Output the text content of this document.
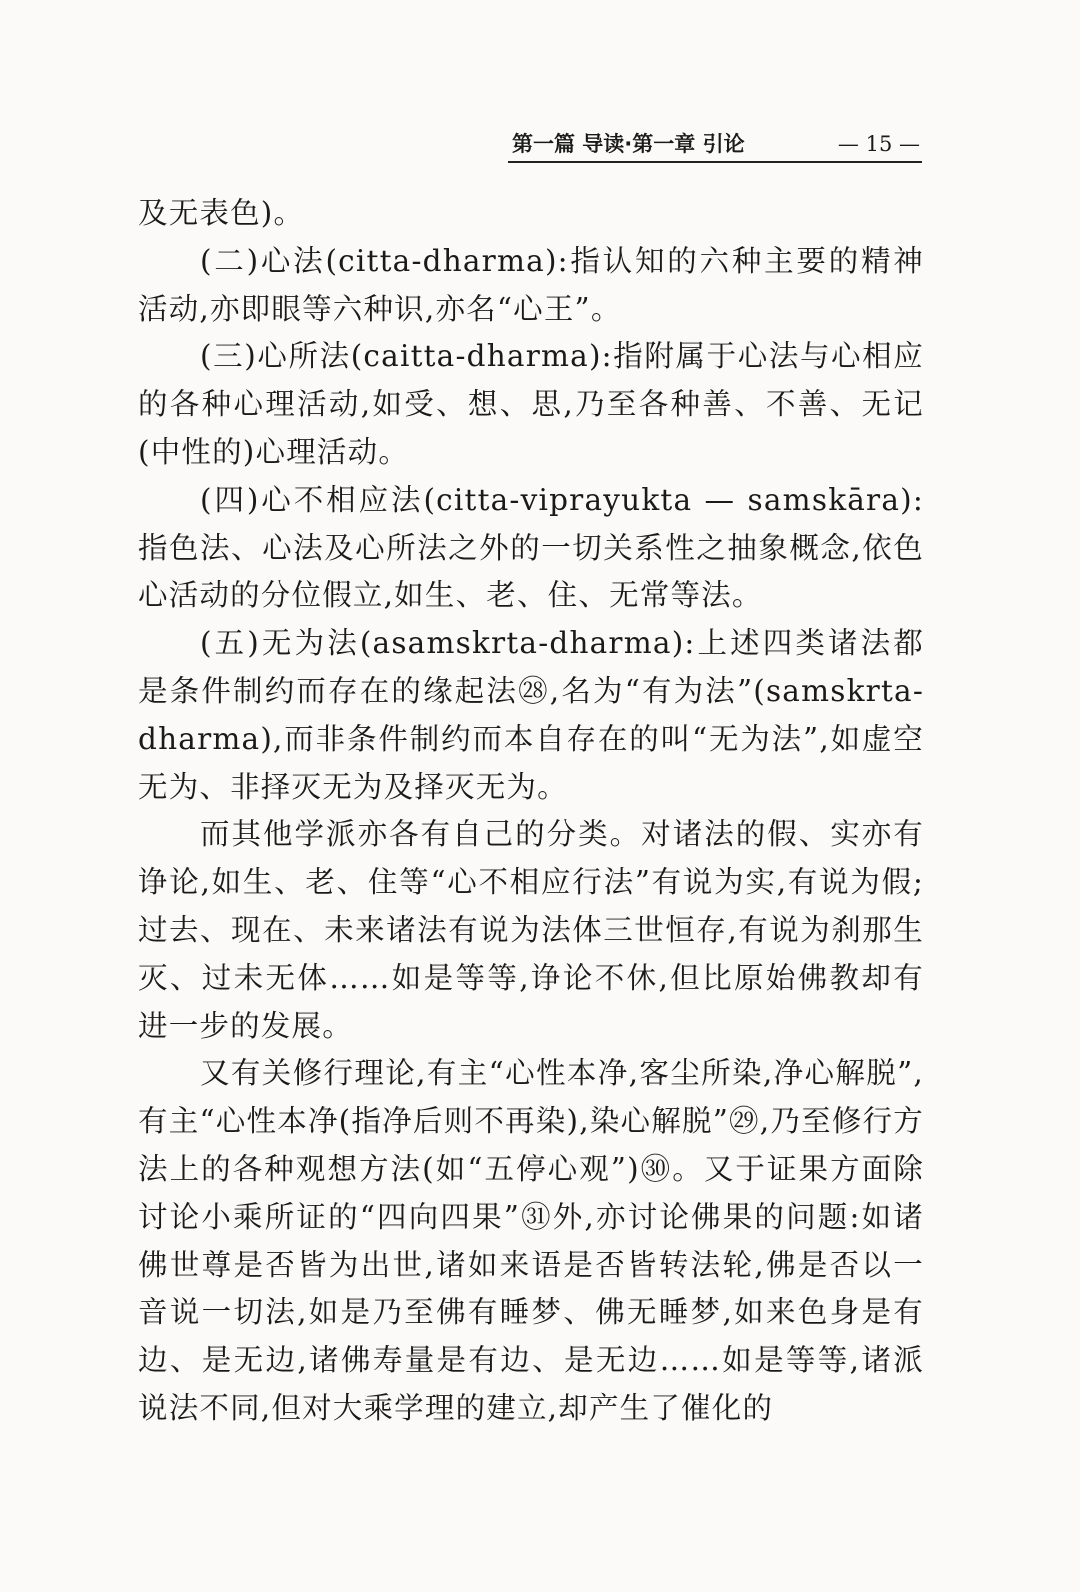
第一篇 导读·第一章 引论	— 15 —

及无表色)。

(二)心法(citta-dharma):指认知的六种主要的精神活动,亦即眼等六种识,亦名“心王”。

(三)心所法(caitta-dharma):指附属于心法与心相应的各种心理活动,如受、想、思,乃至各种善、不善、无记(中性的)心理活动。

(四)心不相应法(citta-viprayukta — samskāra):指色法、心法及心所法之外的一切关系性之抽象概念,依色心活动的分位假立,如生、老、住、无常等法。

(五)无为法(asamskrta-dharma):上述四类诸法都是条件制约而存在的缘起法㉘,名为“有为法”(samskrta-dharma),而非条件制约而本自存在的叫“无为法”,如虚空无为、非择灭无为及择灭无为。

而其他学派亦各有自己的分类。对诸法的假、实亦有诤论,如生、老、住等“心不相应行法”有说为实,有说为假;过去、现在、未来诸法有说为法体三世恒存,有说为刹那生灭、过未无体……如是等等,诤论不休,但比原始佛教却有进一步的发展。

又有关修行理论,有主“心性本净,客尘所染,净心解脱”,有主“心性本净(指净后则不再染),染心解脱”㉙,乃至修行方法上的各种观想方法(如“五停心观”)㉚。又于证果方面除讨论小乘所证的“四向四果”㉛外,亦讨论佛果的问题:如诸佛世尊是否皆为出世,诸如来语是否皆转法轮,佛是否以一音说一切法,如是乃至佛有睡梦、佛无睡梦,如来色身是有边、是无边,诸佛寿量是有边、是无边……如是等等,诸派说法不同,但对大乘学理的建立,却产生了催化的
